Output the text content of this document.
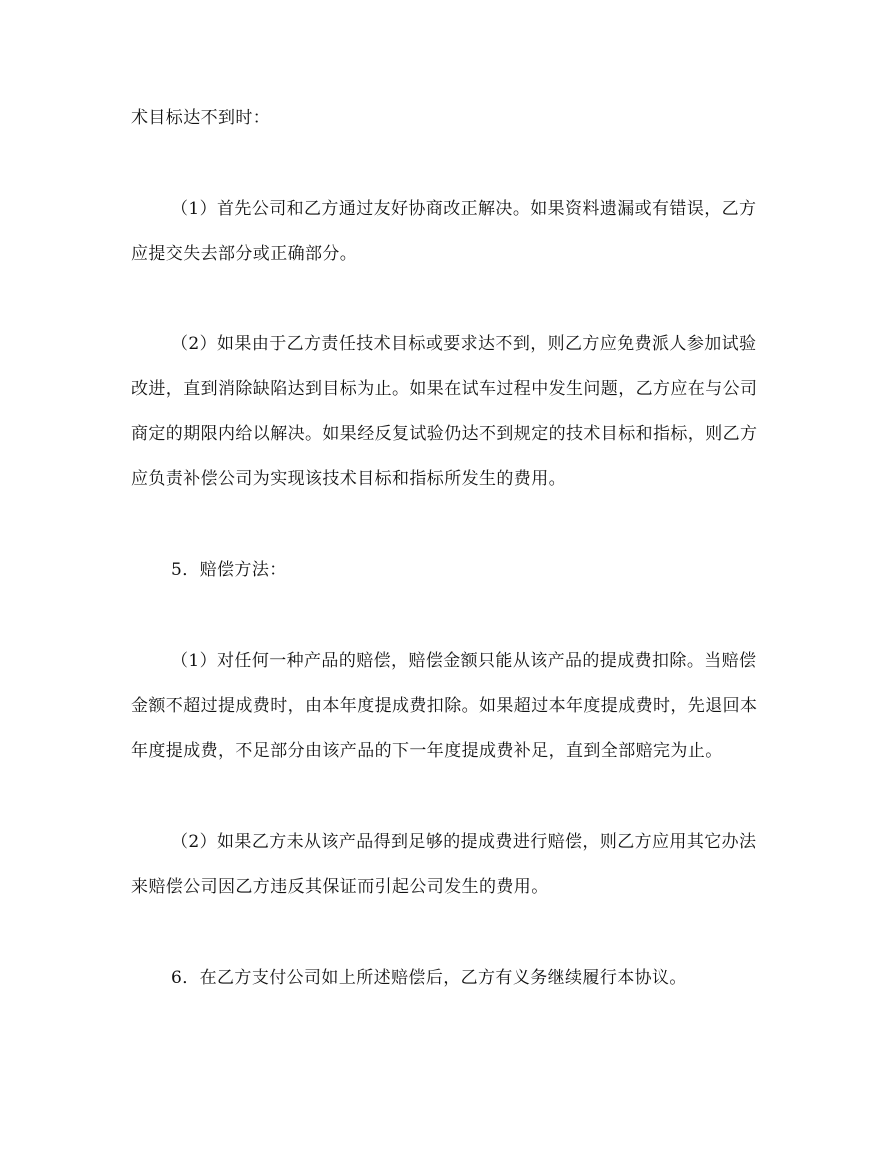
术目标达不到时：
（1）首先公司和乙方通过友好协商改正解决。如果资料遗漏或有错误，乙方
应提交失去部分或正确部分。
（2）如果由于乙方责任技术目标或要求达不到，则乙方应免费派人参加试验
改进，直到消除缺陷达到目标为止。如果在试车过程中发生问题，乙方应在与公司
商定的期限内给以解决。如果经反复试验仍达不到规定的技术目标和指标，则乙方
应负责补偿公司为实现该技术目标和指标所发生的费用。
5．赔偿方法：
（1）对任何一种产品的赔偿，赔偿金额只能从该产品的提成费扣除。当赔偿
金额不超过提成费时，由本年度提成费扣除。如果超过本年度提成费时，先退回本
年度提成费，不足部分由该产品的下一年度提成费补足，直到全部赔完为止。
（2）如果乙方未从该产品得到足够的提成费进行赔偿，则乙方应用其它办法
来赔偿公司因乙方违反其保证而引起公司发生的费用。
6．在乙方支付公司如上所述赔偿后，乙方有义务继续履行本协议。
